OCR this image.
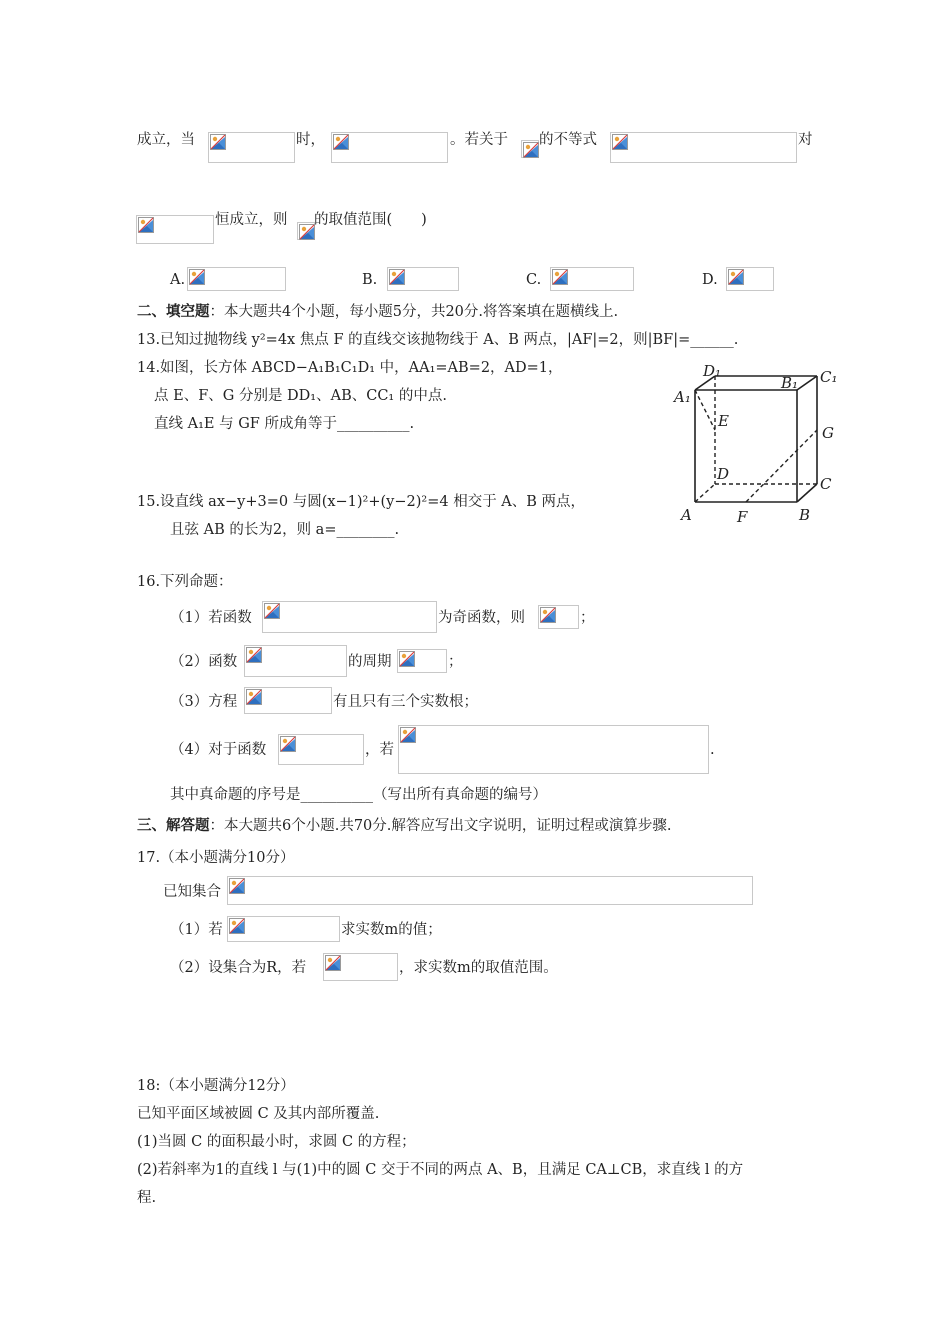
成立，当	时，	。若关于 的不等式	对
恒成立，则 的取值范围(　　)
A.	B.	C.	D.
二、填空题：本大题共4个小题，每小题5分，共20分.将答案填在题横线上.
13.已知过抛物线 y²=4x 焦点 F 的直线交该抛物线于 A、B 两点，|AF|=2，则|BF|=______.
14.如图，长方体 ABCD−A₁B₁C₁D₁ 中，AA₁=AB=2，AD=1，
点 E、F、G 分别是 DD₁、AB、CC₁ 的中点.
直线 A₁E 与 GF 所成角等于__________.
D₁	C₁
B₁
A₁
E
G
D
C
A	F	B
15.设直线 ax−y+3=0 与圆(x−1)²+(y−2)²=4 相交于 A、B 两点，
且弦 AB 的长为2，则 a=________.
16.下列命题：
（1）若函数	为奇函数，则	；
（2）函数	的周期	；
（3）方程	有且只有三个实数根；
（4）对于函数	，若	.
其中真命题的序号是__________（写出所有真命题的编号）
三、解答题：本大题共6个小题.共70分.解答应写出文字说明，证明过程或演算步骤.
17.（本小题满分10分）
已知集合
（1）若	求实数m的值；
（2）设集合为R，若	，求实数m的取值范围。
18:（本小题满分12分）
已知平面区域被圆 C 及其内部所覆盖.
(1)当圆 C 的面积最小时，求圆 C 的方程；
(2)若斜率为1的直线 l 与(1)中的圆 C 交于不同的两点 A、B，且满足 CA⊥CB，求直线 l 的方
程.
